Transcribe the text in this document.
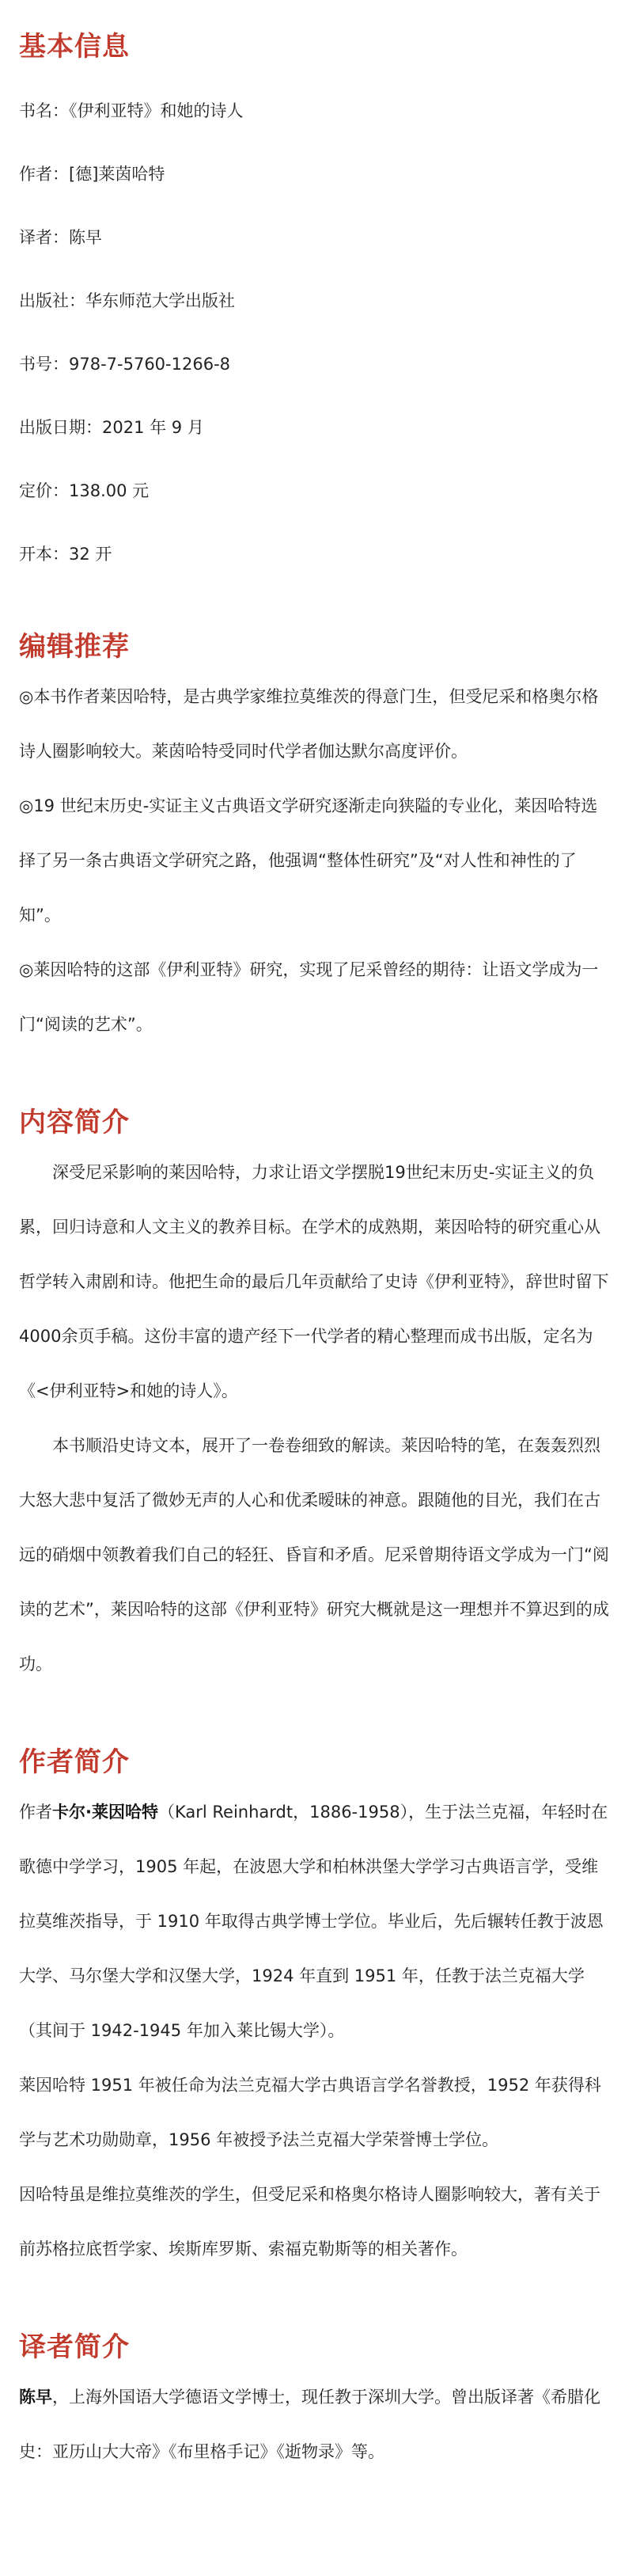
基本信息
书名：《伊利亚特》和她的诗人
作者：[德]莱茵哈特
译者：陈早
出版社：华东师范大学出版社
书号：978-7-5760-1266-8
出版日期：2021 年 9 月
定价：138.00 元
开本：32 开
编辑推荐

◎本书作者莱因哈特，是古典学家维拉莫维茨的得意门生，但受尼采和格奥尔格诗人圈影响较大。莱茵哈特受同时代学者伽达默尔高度评价。

◎19 世纪末历史-实证主义古典语文学研究逐渐走向狭隘的专业化，莱因哈特选择了另一条古典语文学研究之路，他强调“整体性研究”及“对人性和神性的了知”。

◎莱因哈特的这部《伊利亚特》研究，实现了尼采曾经的期待：让语文学成为一门“阅读的艺术”。

内容简介

深受尼采影响的莱因哈特，力求让语文学摆脱19世纪末历史-实证主义的负累，回归诗意和人文主义的教养目标。在学术的成熟期，莱因哈特的研究重心从哲学转入肃剧和诗。他把生命的最后几年贡献给了史诗《伊利亚特》，辞世时留下4000余页手稿。这份丰富的遗产经下一代学者的精心整理而成书出版，定名为《<伊利亚特>和她的诗人》。

本书顺沿史诗文本，展开了一卷卷细致的解读。莱因哈特的笔，在轰轰烈烈大怒大悲中复活了微妙无声的人心和优柔暧昧的神意。跟随他的目光，我们在古远的硝烟中领教着我们自己的轻狂、昏盲和矛盾。尼采曾期待语文学成为一门“阅读的艺术”，莱因哈特的这部《伊利亚特》研究大概就是这一理想并不算迟到的成功。

作者简介

作者卡尔·莱因哈特（Karl Reinhardt，1886-1958），生于法兰克福，年轻时在歌德中学学习，1905 年起，在波恩大学和柏林洪堡大学学习古典语言学，受维拉莫维茨指导，于 1910 年取得古典学博士学位。毕业后，先后辗转任教于波恩大学、马尔堡大学和汉堡大学，1924 年直到 1951 年，任教于法兰克福大学（其间于 1942-1945 年加入莱比锡大学）。

莱因哈特 1951 年被任命为法兰克福大学古典语言学名誉教授，1952 年获得科学与艺术功勋勋章，1956 年被授予法兰克福大学荣誉博士学位。

因哈特虽是维拉莫维茨的学生，但受尼采和格奥尔格诗人圈影响较大，著有关于前苏格拉底哲学家、埃斯库罗斯、索福克勒斯等的相关著作。

译者简介

陈早，上海外国语大学德语文学博士，现任教于深圳大学。曾出版译著《希腊化史：亚历山大大帝》《布里格手记》《逝物录》等。
